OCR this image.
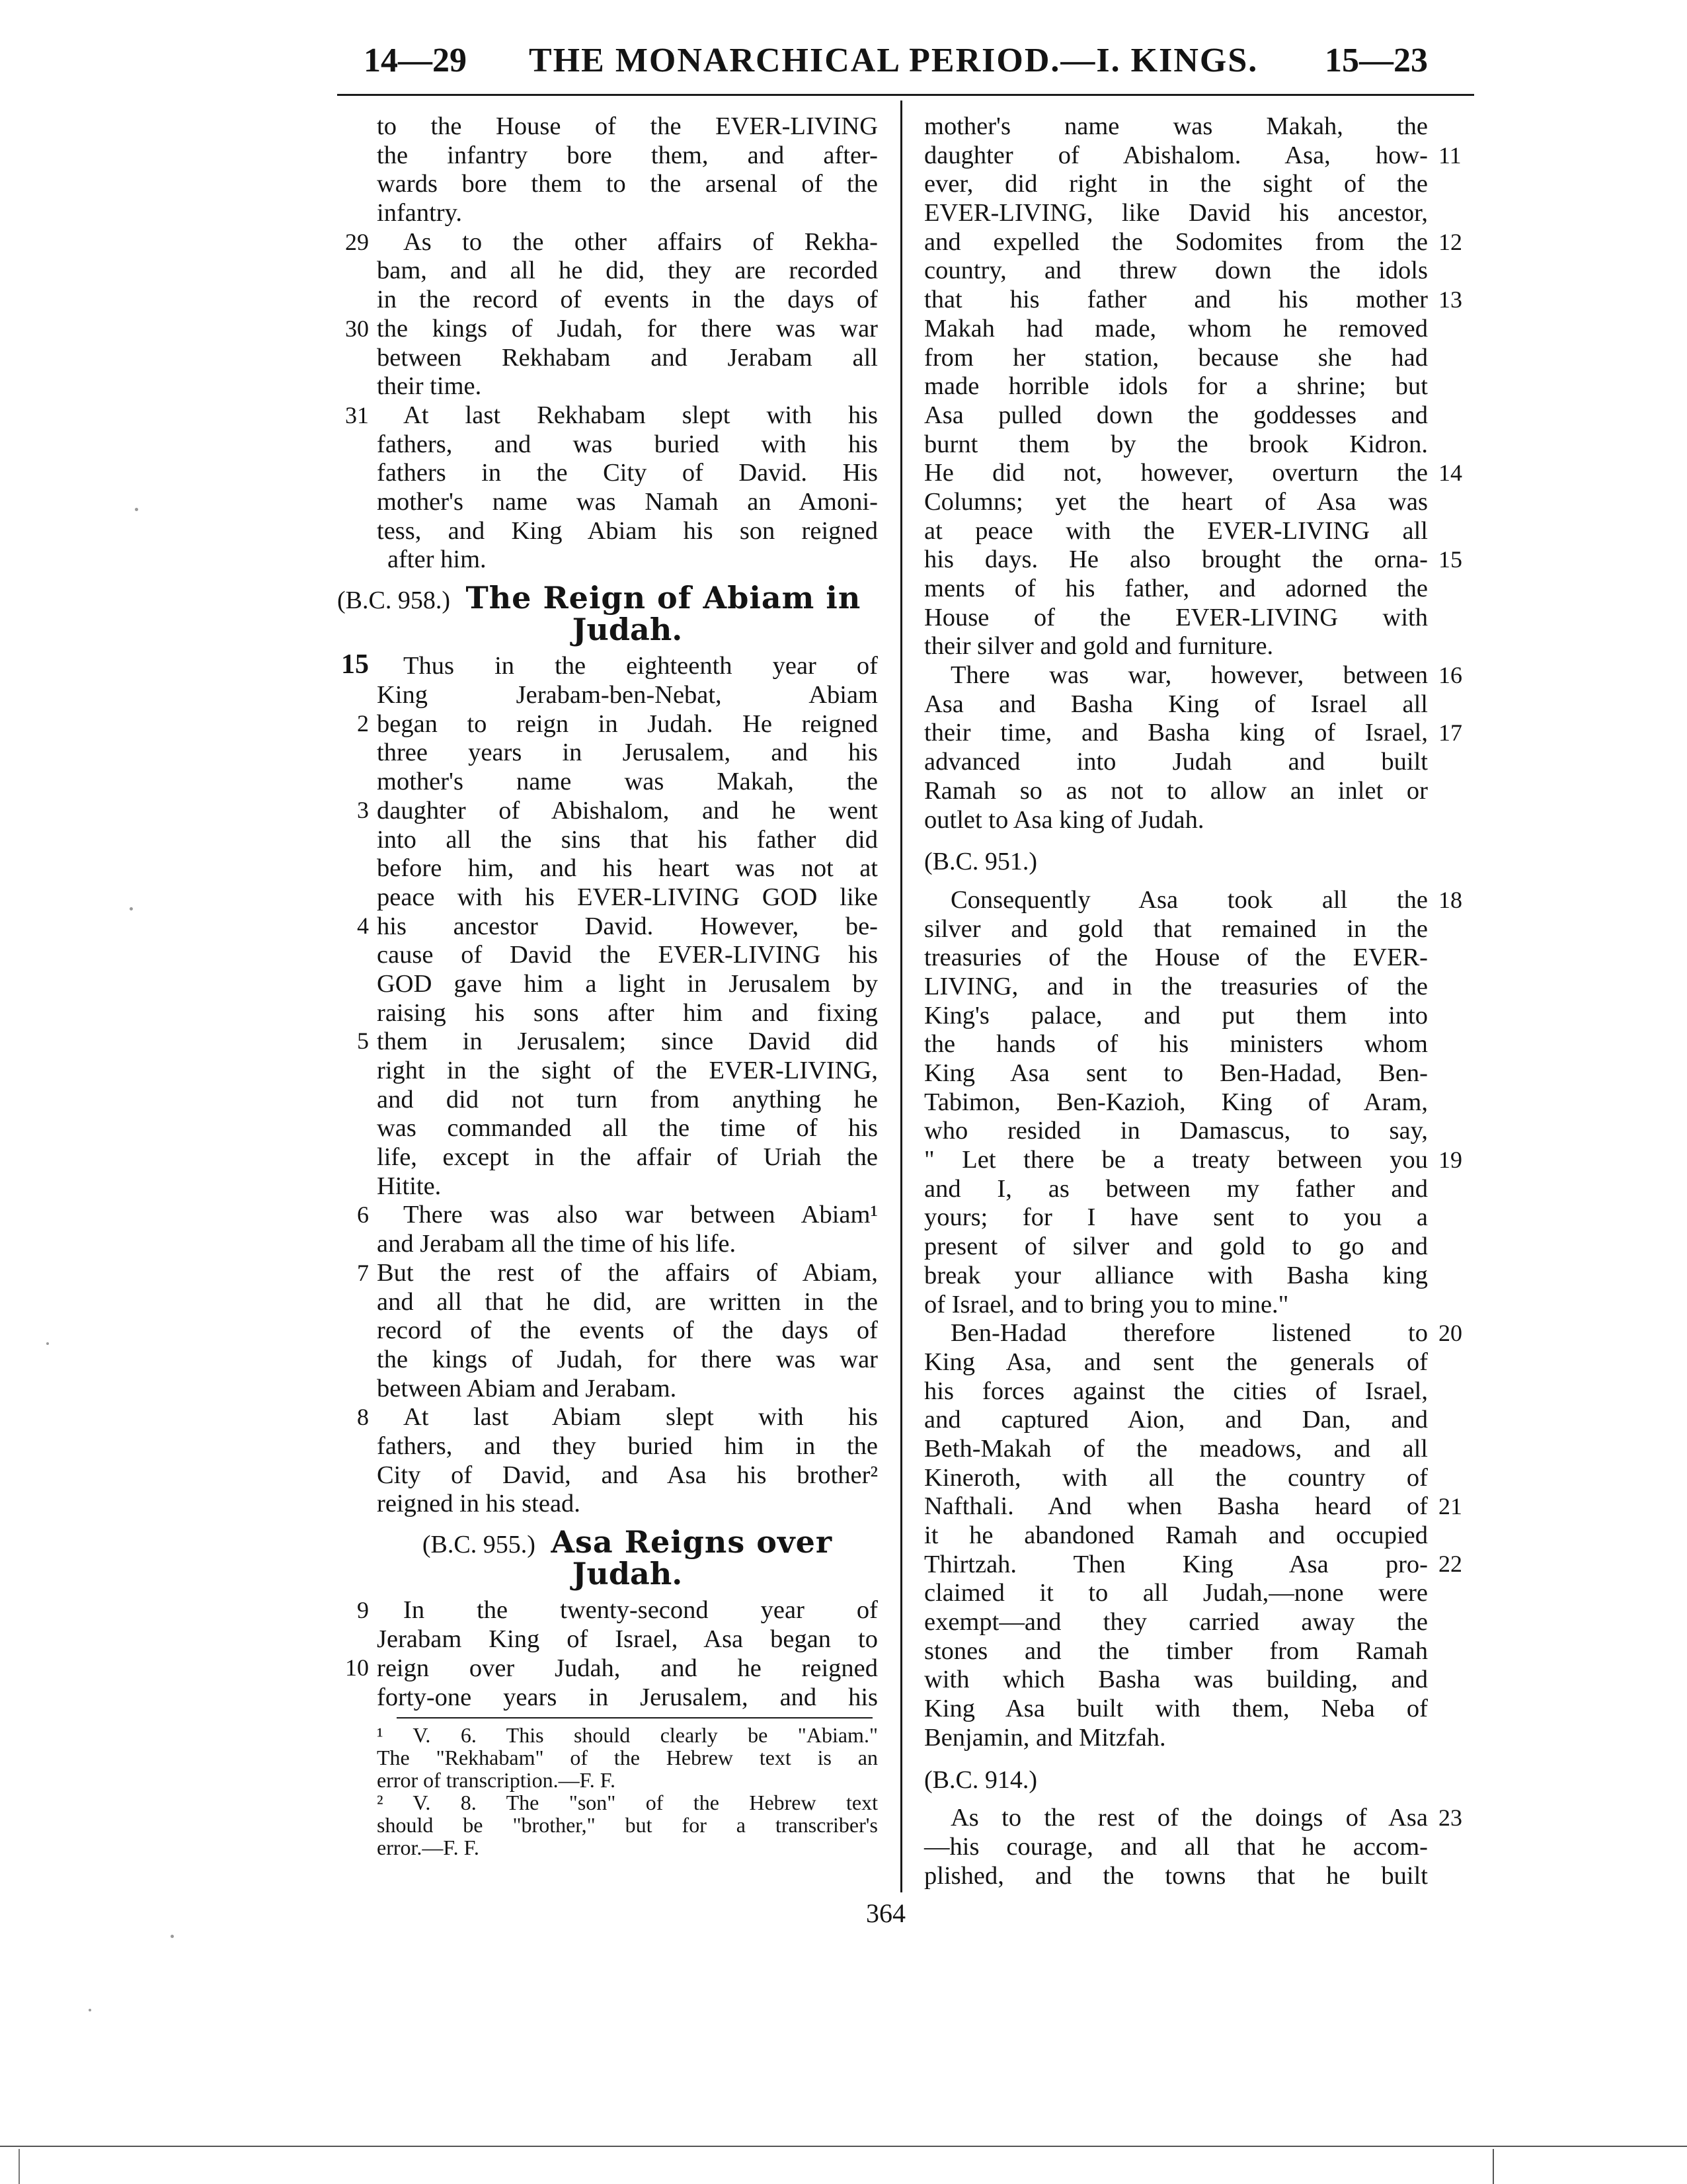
14—29 THE MONARCHICAL PERIOD.—I. KINGS. 15—23
to the House of the EVER-LIVING
the infantry bore them, and after-
wards bore them to the arsenal of the
infantry.
29
30
As to the other affairs of Rekha-
bam, and all he did, they are recorded
in the record of events in the days of
the kings of Judah, for there was war
between Rekhabam and Jerabam all
their time.
31	At last Rekhabam slept with his
fathers, and was buried with his
fathers in the City of David. His
mother's name was Namah an Amoni-
tess, and King Abiam his son reigned
after him.
(B.C. 958.) The Reign of Abiam in
Judah.
15
2
3
4
5
Thus in the eighteenth year of
King Jerabam-ben-Nebat, Abiam
began to reign in Judah. He reigned
three years in Jerusalem, and his
mother's name was Makah, the
daughter of Abishalom, and he went
into all the sins that his father did
before him, and his heart was not at
peace with his EVER-LIVING GOD like
his ancestor David. However, be-
cause of David the EVER-LIVING his
GOD gave him a light in Jerusalem by
raising his sons after him and fixing
them in Jerusalem; since David did
right in the sight of the EVER-LIVING,
and did not turn from anything he
was commanded all the time of his
life, except in the affair of Uriah the
Hitite.
6	There was also war between Abiam¹
and Jerabam all the time of his life.
7 But the rest of the affairs of Abiam,
and all that he did, are written in the
record of the events of the days of
the kings of Judah, for there was war
between Abiam and Jerabam.
8	At last Abiam slept with his
fathers, and they buried him in the
City of David, and Asa his brother²
reigned in his stead.
(B.C. 955.) Asa Reigns over
Judah.
9
10
In the twenty-second year of
Jerabam King of Israel, Asa began to
reign over Judah, and he reigned
forty-one years in Jerusalem, and his
¹ V. 6. This should clearly be "Abiam."
The "Rekhabam" of the Hebrew text is an
error of transcription.—F. F.
² V. 8. The "son" of the Hebrew text
should be "brother," but for a transcriber's
error.—F. F.
11
12
13
14
15
mother's name was Makah, the
daughter of Abishalom. Asa, how-
ever, did right in the sight of the
EVER-LIVING, like David his ancestor,
and expelled the Sodomites from the
country, and threw down the idols
that his father and his mother
Makah had made, whom he removed
from her station, because she had
made horrible idols for a shrine; but
Asa pulled down the goddesses and
burnt them by the brook Kidron.
He did not, however, overturn the
Columns; yet the heart of Asa was
at peace with the EVER-LIVING all
his days. He also brought the orna-
ments of his father, and adorned the
House of the EVER-LIVING with
their silver and gold and furniture.
16
17
There was war, however, between
Asa and Basha King of Israel all
their time, and Basha king of Israel,
advanced into Judah and built
Ramah so as not to allow an inlet or
outlet to Asa king of Judah.
(B.C. 951.)
18
19
Consequently Asa took all the
silver and gold that remained in the
treasuries of the House of the EVER-
LIVING, and in the treasuries of the
King's palace, and put them into
the hands of his ministers whom
King Asa sent to Ben-Hadad, Ben-
Tabimon, Ben-Kazioh, King of Aram,
who resided in Damascus, to say,
" Let there be a treaty between you
and I, as between my father and
yours; for I have sent to you a
present of silver and gold to go and
break your alliance with Basha king
of Israel, and to bring you to mine."
20
21
22
Ben-Hadad therefore listened to
King Asa, and sent the generals of
his forces against the cities of Israel,
and captured Aion, and Dan, and
Beth-Makah of the meadows, and all
Kineroth, with all the country of
Nafthali. And when Basha heard of
it he abandoned Ramah and occupied
Thirtzah. Then King Asa pro-
claimed it to all Judah,—none were
exempt—and they carried away the
stones and the timber from Ramah
with which Basha was building, and
King Asa built with them, Neba of
Benjamin, and Mitzfah.
(B.C. 914.)
23
As to the rest of the doings of Asa
—his courage, and all that he accom-
plished, and the towns that he built
364
